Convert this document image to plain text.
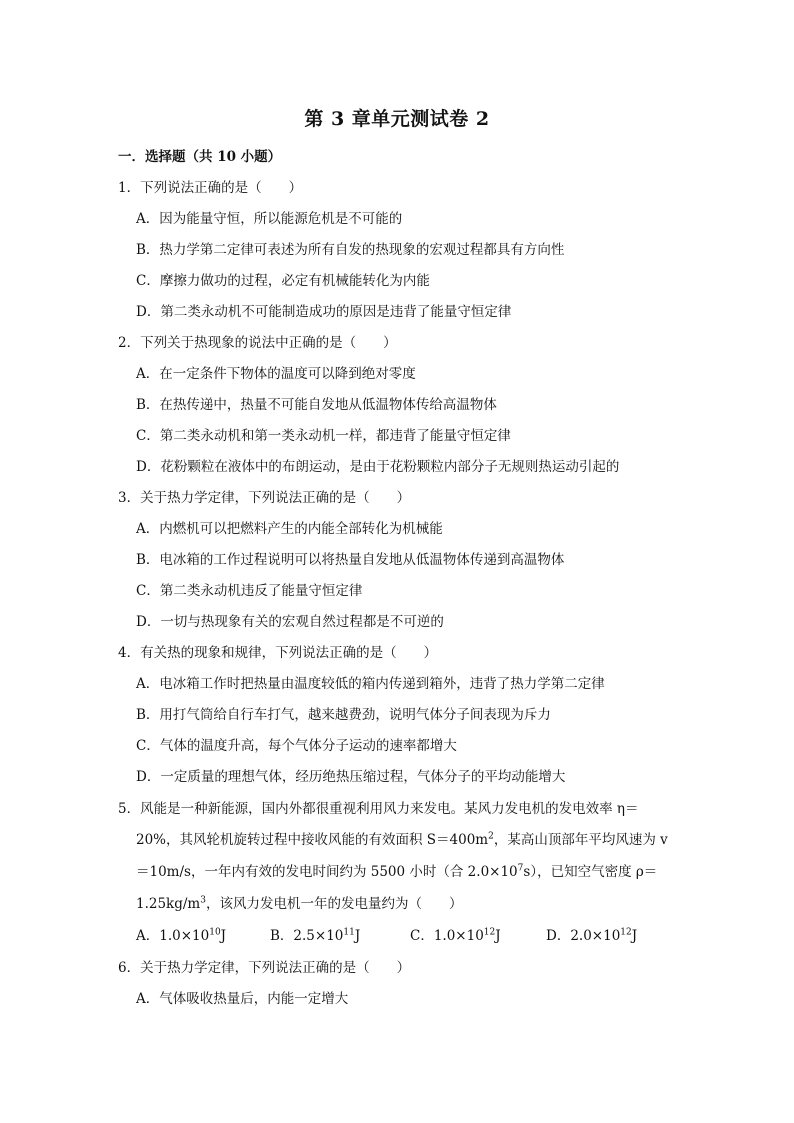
第 3 章单元测试卷 2
一．选择题（共 10 小题）
1．下列说法正确的是（　　）
A．因为能量守恒，所以能源危机是不可能的
B．热力学第二定律可表述为所有自发的热现象的宏观过程都具有方向性
C．摩擦力做功的过程，必定有机械能转化为内能
D．第二类永动机不可能制造成功的原因是违背了能量守恒定律
2．下列关于热现象的说法中正确的是（　　）
A．在一定条件下物体的温度可以降到绝对零度
B．在热传递中，热量不可能自发地从低温物体传给高温物体
C．第二类永动机和第一类永动机一样，都违背了能量守恒定律
D．花粉颗粒在液体中的布朗运动，是由于花粉颗粒内部分子无规则热运动引起的
3．关于热力学定律，下列说法正确的是（　　）
A．内燃机可以把燃料产生的内能全部转化为机械能
B．电冰箱的工作过程说明可以将热量自发地从低温物体传递到高温物体
C．第二类永动机违反了能量守恒定律
D．一切与热现象有关的宏观自然过程都是不可逆的
4．有关热的现象和规律，下列说法正确的是（　　）
A．电冰箱工作时把热量由温度较低的箱内传递到箱外，违背了热力学第二定律
B．用打气筒给自行车打气，越来越费劲，说明气体分子间表现为斥力
C．气体的温度升高，每个气体分子运动的速率都增大
D．一定质量的理想气体，经历绝热压缩过程，气体分子的平均动能增大
5．风能是一种新能源，国内外都很重视利用风力来发电。某风力发电机的发电效率 η＝
20%，其风轮机旋转过程中接收风能的有效面积 $S=400m^2$，某高山顶部年平均风速为 v
＝10m/s，一年内有效的发电时间约为 5500 小时（合 $2.0\times 10^7s$），已知空气密度 ρ＝
$1.25kg/m^3$，该风力发电机一年的发电量约为（　　）
A．$1.0\times 10^{10}J$	B．$2.5\times 10^{11}J$	C．$1.0\times 10^{12}J$	D．$2.0\times 10^{12}J$
6．关于热力学定律，下列说法正确的是（　　）
A．气体吸收热量后，内能一定增大
